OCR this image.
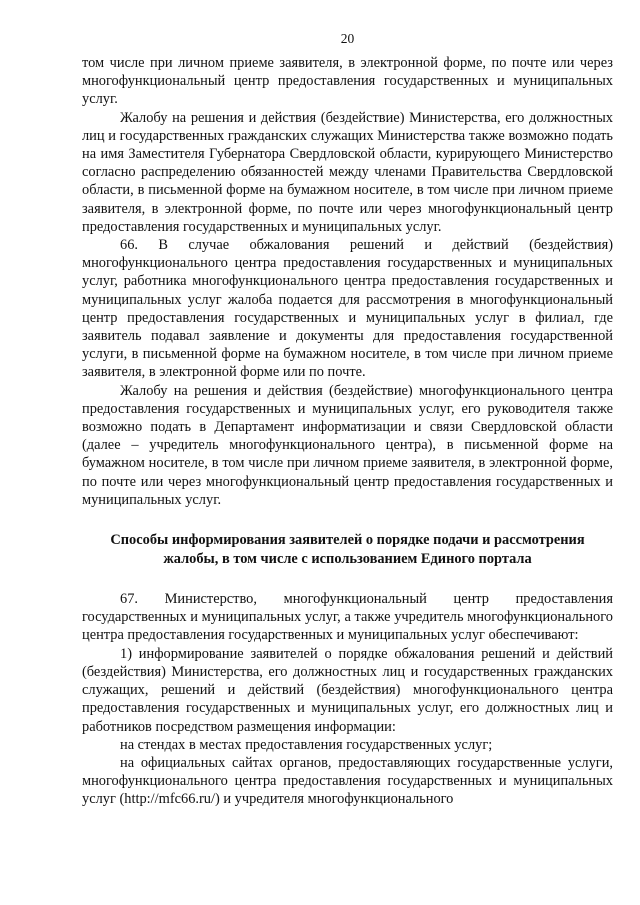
20

том числе при личном приеме заявителя, в электронной форме, по почте или через многофункциональный центр предоставления государственных и муниципальных услуг.

Жалобу на решения и действия (бездействие) Министерства, его должностных лиц и государственных гражданских служащих Министерства также возможно подать на имя Заместителя Губернатора Свердловской области, курирующего Министерство согласно распределению обязанностей между членами Правительства Свердловской области, в письменной форме на бумажном носителе, в том числе при личном приеме заявителя, в электронной форме, по почте или через многофункциональный центр предоставления государственных и муниципальных услуг.

66. В случае обжалования решений и действий (бездействия) многофункционального центра предоставления государственных и муниципальных услуг, работника многофункционального центра предоставления государственных и муниципальных услуг жалоба подается для рассмотрения в многофункциональный центр предоставления государственных и муниципальных услуг в филиал, где заявитель подавал заявление и документы для предоставления государственной услуги, в письменной форме на бумажном носителе, в том числе при личном приеме заявителя, в электронной форме или по почте.

Жалобу на решения и действия (бездействие) многофункционального центра предоставления государственных и муниципальных услуг, его руководителя также возможно подать в Департамент информатизации и связи Свердловской области (далее – учредитель многофункционального центра), в письменной форме на бумажном носителе, в том числе при личном приеме заявителя, в электронной форме, по почте или через многофункциональный центр предоставления государственных и муниципальных услуг.

Способы информирования заявителей о порядке подачи и рассмотрения жалобы, в том числе с использованием Единого портала

67. Министерство, многофункциональный центр предоставления государственных и муниципальных услуг, а также учредитель многофункционального центра предоставления государственных и муниципальных услуг обеспечивают:

1) информирование заявителей о порядке обжалования решений и действий (бездействия) Министерства, его должностных лиц и государственных гражданских служащих, решений и действий (бездействия) многофункционального центра предоставления государственных и муниципальных услуг, его должностных лиц и работников посредством размещения информации:

на стендах в местах предоставления государственных услуг;

на официальных сайтах органов, предоставляющих государственные услуги, многофункционального центра предоставления государственных и муниципальных услуг (http://mfc66.ru/) и учредителя многофункционального
